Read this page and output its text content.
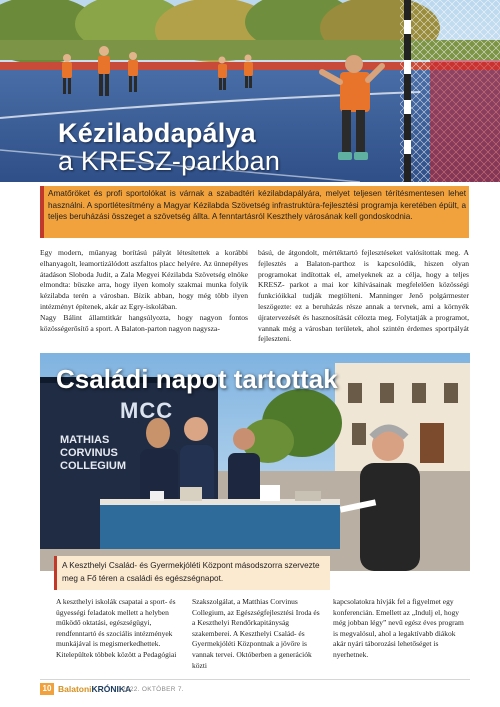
Kézilabdapálya
a KRESZ-parkban
Amatőröket és profi sportolókat is várnak a szabadtéri kézilabdapályára, melyet teljesen térítésmentesen lehet használni. A sportlétesítmény a Magyar Kézilabda Szövetség infrastruktúra-fejlesztési programja keretében épült, a teljes beruházási összeget a szövetség állta. A fenntartásról Keszthely városának kell gondoskodnia.

Egy modern, műanyag borítású pályát létesítettek a korábbi elhanyagolt, leamortizálódott aszfaltos placc helyére. Az ünnepélyes átadáson Sloboda Judit, a Zala Megyei Kézilabda Szövetség elnöke elmondta: büszke arra, hogy ilyen komoly szakmai munka folyik kézilabda terén a városban. Bízik abban, hogy még több ilyen intézményt építenek, akár az Egry-iskolában.

Nagy Bálint államtitkár hangsúlyozta, hogy nagyon fontos közösségerősítő a sport. A Balaton-parton nagyon nagysza-

bású, de átgondolt, mértéktartó fejlesztéseket valósítottak meg. A fejlesztés a Balaton-parthoz is kapcsolódik, hiszen olyan programokat indítottak el, amelyeknek az a célja, hogy a teljes KRESZ- parkot a mai kor kihívásainak megfelelően közösségi funkcióikkal tudják megtölteni. Manninger Jenő polgármester leszögezte: ez a beruházás része annak a tervnek, ami a környék újratervezését és hasznosítását célozta meg. Folytatják a programot, vannak még a városban területek, ahol szintén érdemes sportpályát fejleszteni.

MCC
MATHIAS
CORVINUS
COLLEGIUM
Családi napot tartottak
A Keszthelyi Család- és Gyermekjóléti Központ másodszorra szervezte meg a Fő téren a családi és egészségnapot.
A keszthelyi iskolák csapatai a sport- és ügyességi feladatok mellett a helyben működő oktatási, egészségügyi, rendfenntartó és szociális intézmények munkájával is megismerkedhettek. Kitelepültek többek között a Pedagógiai
Szakszolgálat, a Matthias Corvinus Collegium, az Egészségfejlesztési Iroda és a Keszthelyi Rendőrkapitányság szakemberei. A Keszthelyi Család- és Gyermekjóléti Központnak a jövőre is vannak tervei. Októberben a generációk közti
kapcsolatokra hívják fel a figyelmet egy konferencián. Emellett az „Indulj el, hogy még jobban légy” nevű egész éves program is megvalósul, ahol a legaktívabb diákok akár nyári táborozási lehetőséget is nyerhetnek.
10 BalatoniKRÓNIKA
2022. OKTÓBER 7.
